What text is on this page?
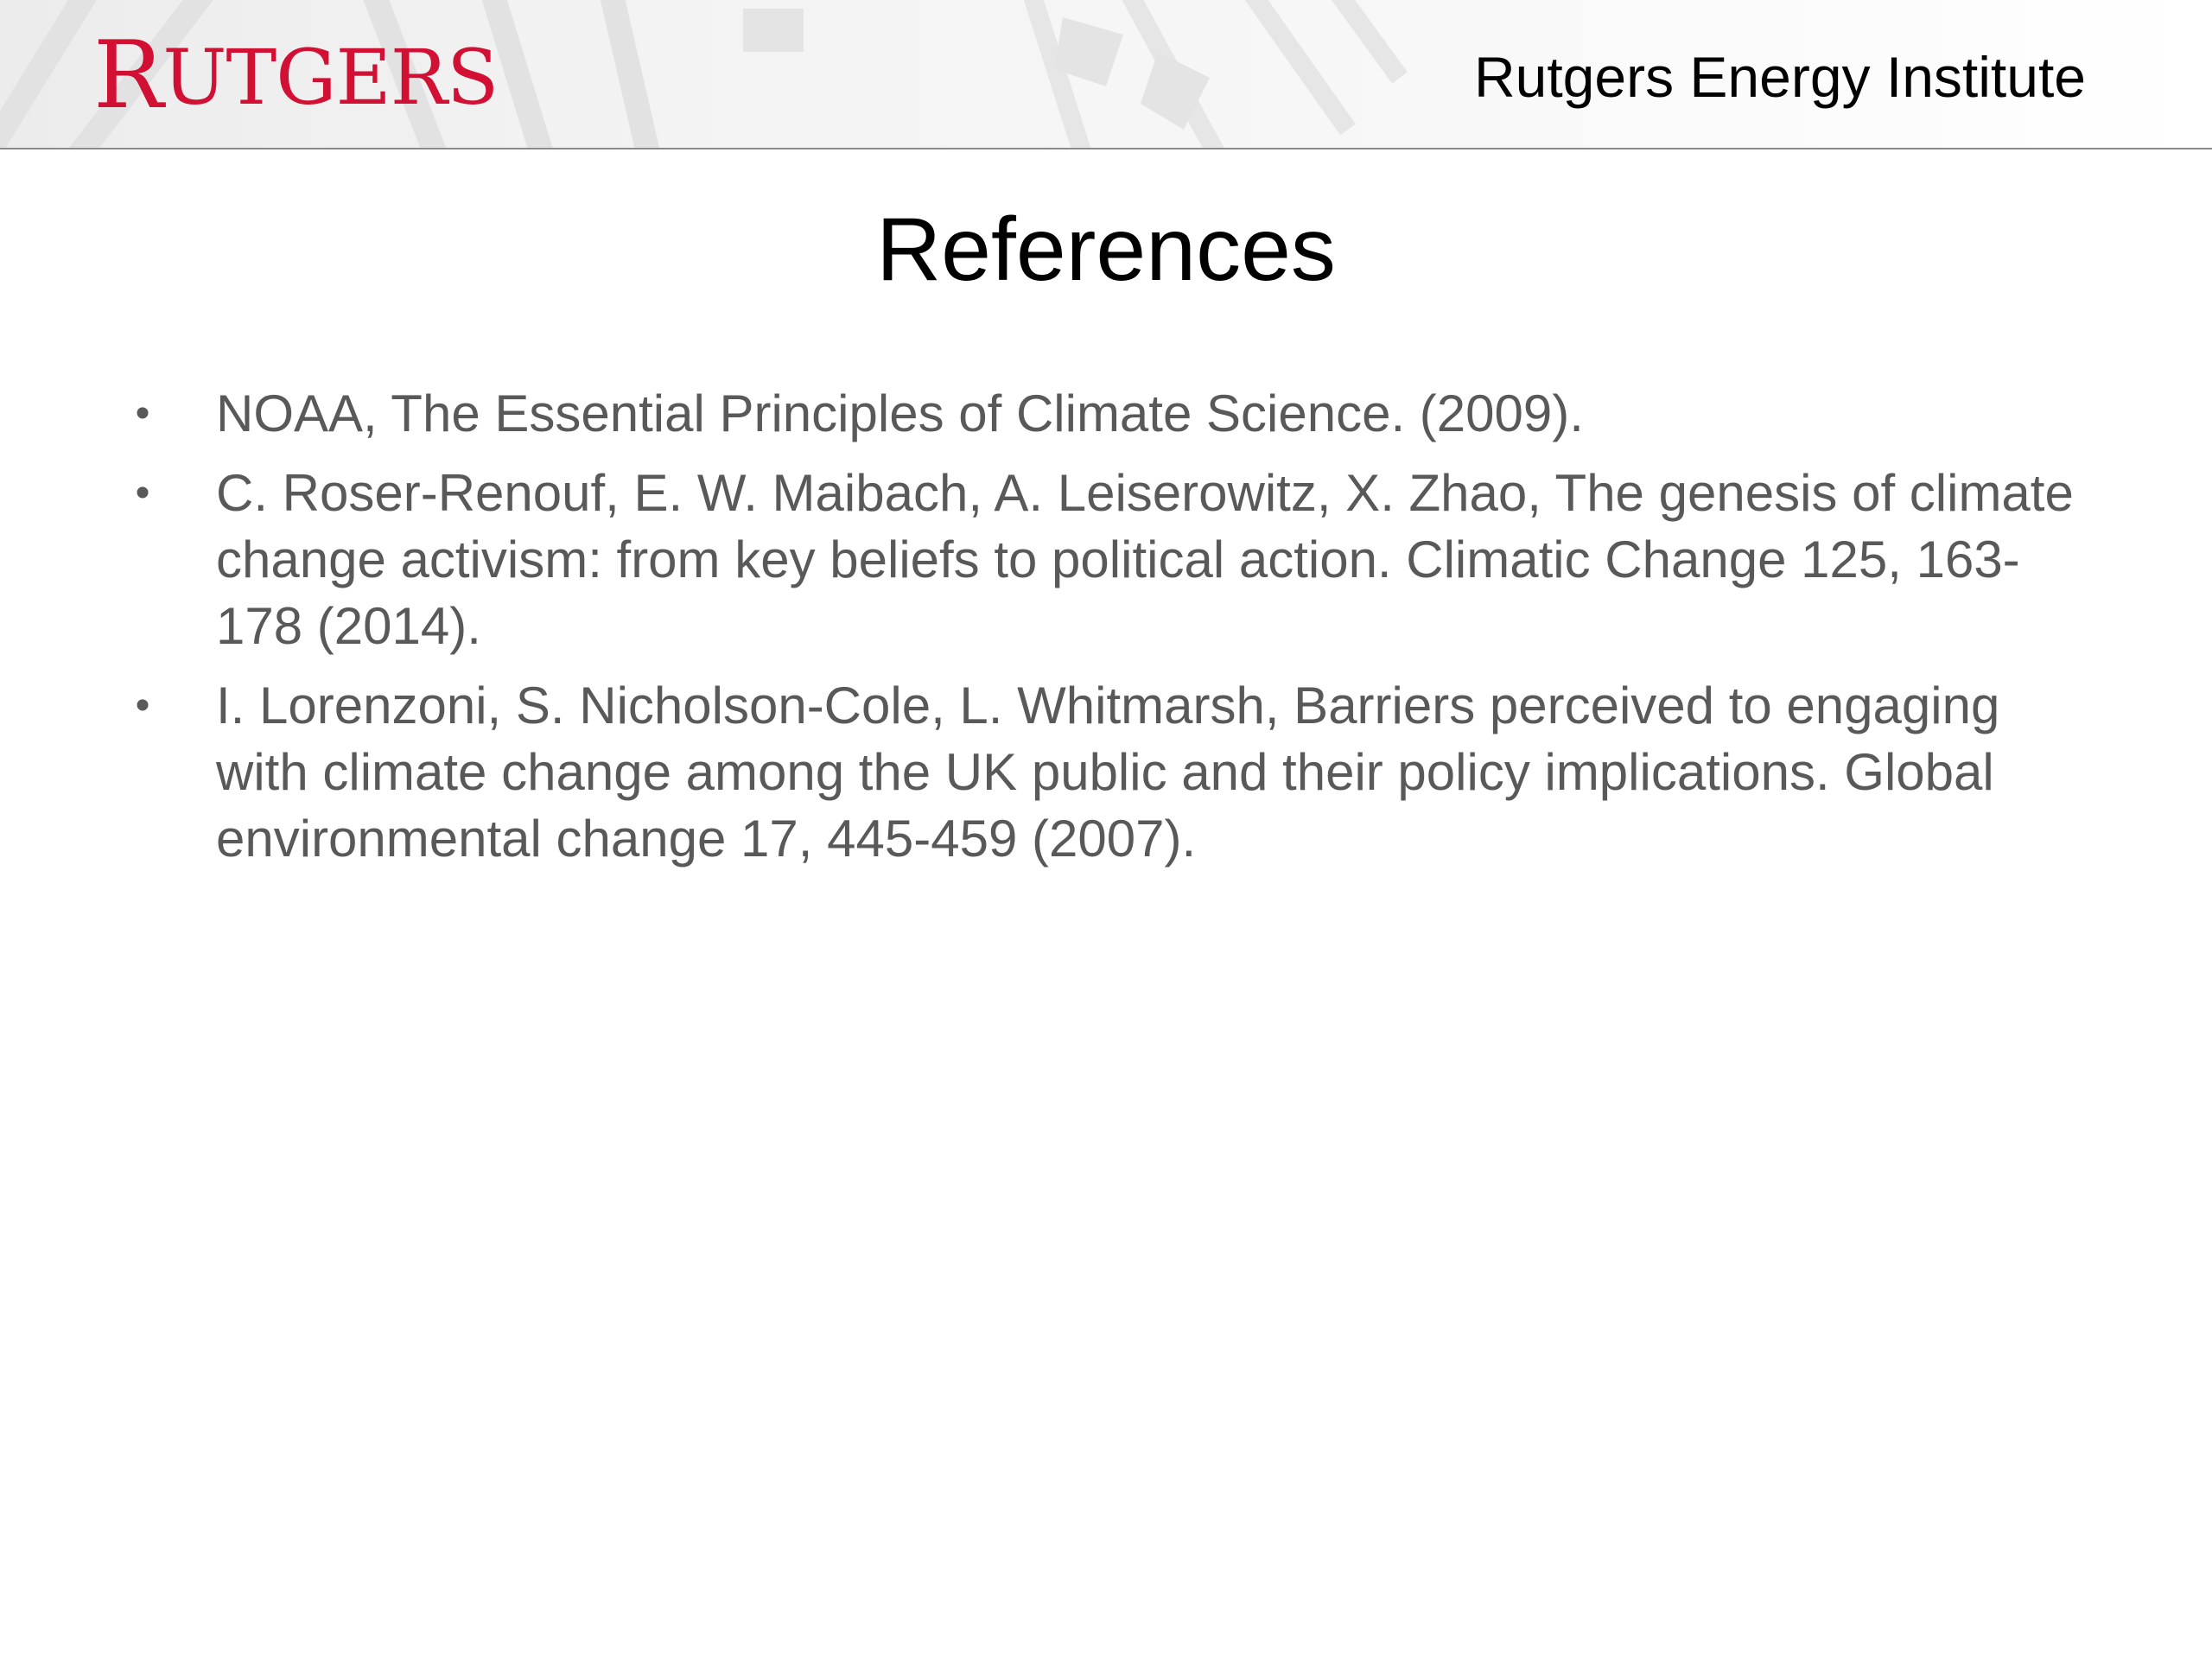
RUTGERS	Rutgers Energy Institute
References
• NOAA, The Essential Principles of Climate Science. (2009).
• C. Roser-Renouf, E. W. Maibach, A. Leiserowitz, X. Zhao, The genesis of climate change activism: from key beliefs to political action. Climatic Change 125, 163-178 (2014).
• I. Lorenzoni, S. Nicholson-Cole, L. Whitmarsh, Barriers perceived to engaging with climate change among the UK public and their policy implications. Global environmental change 17, 445-459 (2007).
